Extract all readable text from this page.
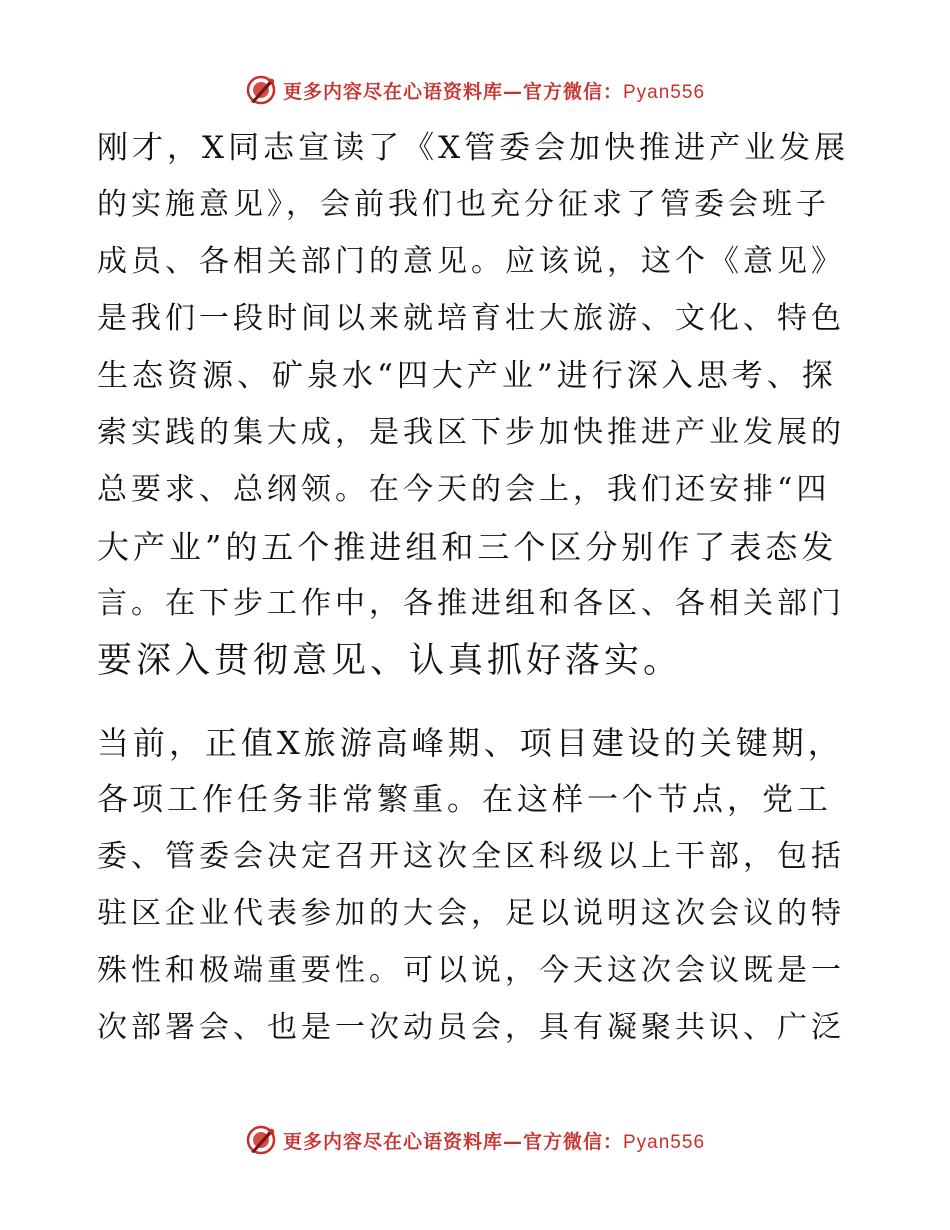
更多内容尽在心语资料库—官方微信：Pyan556
刚才，X同志宣读了《X管委会加快推进产业发展
的实施意见》，会前我们也充分征求了管委会班子
成员、各相关部门的意见。应该说，这个《意见》
是我们一段时间以来就培育壮大旅游、文化、特色
生态资源、矿泉水“四大产业”进行深入思考、探
索实践的集大成，是我区下步加快推进产业发展的
总要求、总纲领。在今天的会上，我们还安排“四
大产业”的五个推进组和三个区分别作了表态发
言。在下步工作中，各推进组和各区、各相关部门
要深入贯彻意见、认真抓好落实。
当前，正值X旅游高峰期、项目建设的关键期，
各项工作任务非常繁重。在这样一个节点，党工
委、管委会决定召开这次全区科级以上干部，包括
驻区企业代表参加的大会，足以说明这次会议的特
殊性和极端重要性。可以说，今天这次会议既是一
次部署会、也是一次动员会，具有凝聚共识、广泛
更多内容尽在心语资料库—官方微信：Pyan556
